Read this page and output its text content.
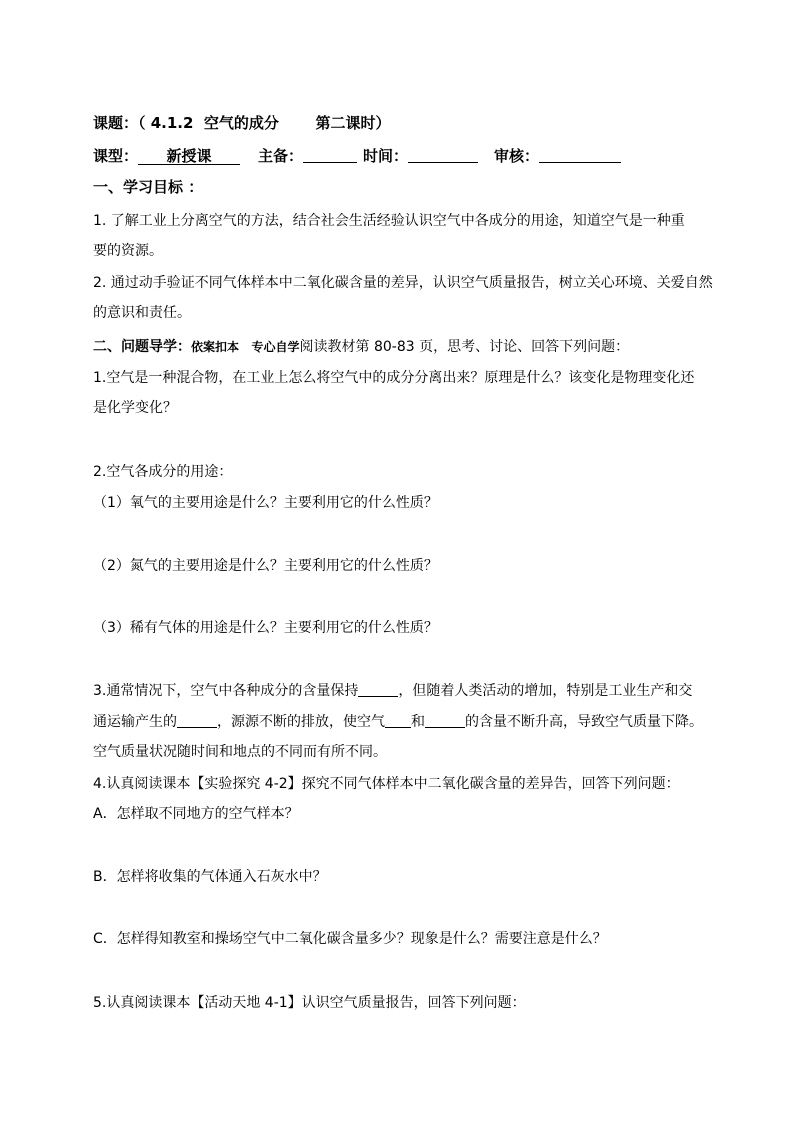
课题：（ 4.1.2  空气的成分       第二课时）
课型： 新授课	主备：	时间：	审核：
一、学习目标 ：
1. 了解工业上分离空气的方法，结合社会生活经验认识空气中各成分的用途，知道空气是一种重
要的资源。
2. 通过动手验证不同气体样本中二氧化碳含量的差异，认识空气质量报告，树立关心环境、关爱自然
的意识和责任。
二、问题导学：依案扣本   专心自学阅读教材第 80-83 页，思考、讨论、回答下列问题：
1.空气是一种混合物，在工业上怎么将空气中的成分分离出来？原理是什么？该变化是物理变化还
是化学变化？
2.空气各成分的用途：
（1）氧气的主要用途是什么？主要利用它的什么性质？
（2）氮气的主要用途是什么？主要利用它的什么性质？
（3）稀有气体的用途是什么？主要利用它的什么性质？
3.通常情况下，空气中各种成分的含量保持	，但随着人类活动的增加，特别是工业生产和交
通运输产生的	，源源不断的排放，使空气 和	的含量不断升高，导致空气质量下降。
空气质量状况随时间和地点的不同而有所不同。
4.认真阅读课本【实验探究 4-2】探究不同气体样本中二氧化碳含量的差异告，回答下列问题：
A．怎样取不同地方的空气样本？
B．怎样将收集的气体通入石灰水中？
C．怎样得知教室和操场空气中二氧化碳含量多少？现象是什么？需要注意是什么？
5.认真阅读课本【活动天地 4-1】认识空气质量报告，回答下列问题：
